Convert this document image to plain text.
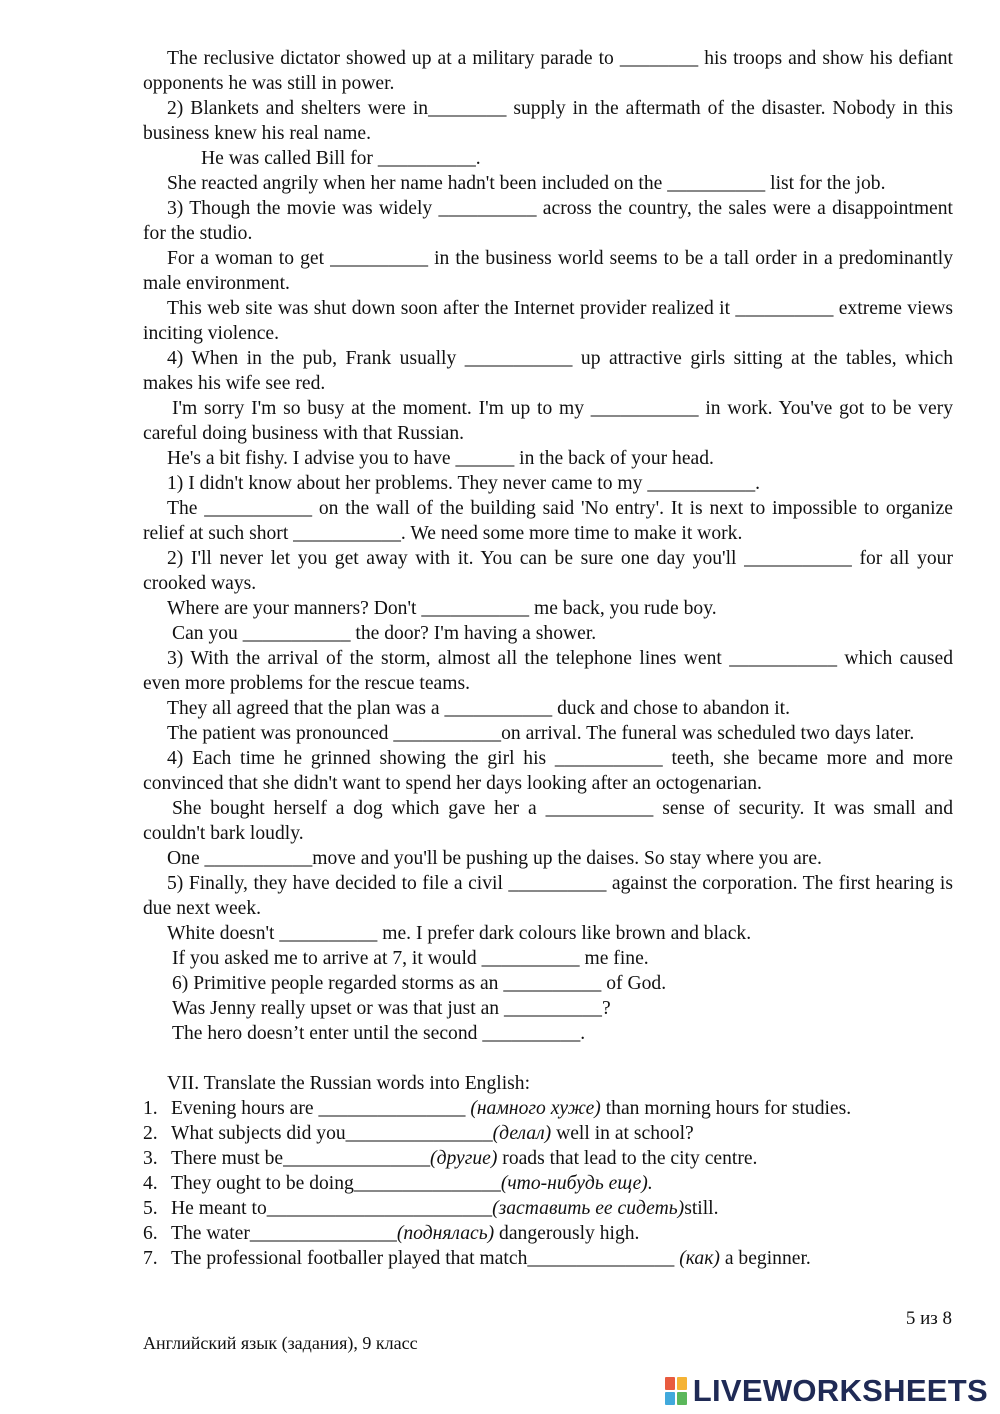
The reclusive dictator showed up at a military parade to ________ his troops and show his defiant opponents he was still in power.

2) Blankets and shelters were in________ supply in the aftermath of the disaster. Nobody in this business knew his real name.

He was called Bill for __________.

She reacted angrily when her name hadn't been included on the __________ list for the job.

3) Though the movie was widely __________ across the country, the sales were a disappointment for the studio.

For a woman to get __________ in the business world seems to be a tall order in a predominantly male environment.

This web site was shut down soon after the Internet provider realized it __________ extreme views inciting violence.

4) When in the pub, Frank usually ___________ up attractive girls sitting at the tables, which makes his wife see red.

I'm sorry I'm so busy at the moment. I'm up to my ___________ in work. You've got to be very careful doing business with that Russian.

He's a bit fishy. I advise you to have ______ in the back of your head.

1) I didn't know about her problems. They never came to my ___________.

The ___________ on the wall of the building said 'No entry'. It is next to impossible to organize relief at such short ___________. We need some more time to make it work.

2) I'll never let you get away with it. You can be sure one day you'll ___________ for all your crooked ways.

Where are your manners? Don't ___________ me back, you rude boy.

Can you ___________ the door? I'm having a shower.

3) With the arrival of the storm, almost all the telephone lines went ___________ which caused even more problems for the rescue teams.

They all agreed that the plan was a ___________ duck and chose to abandon it.

The patient was pronounced ___________on arrival. The funeral was scheduled two days later.

4) Each time he grinned showing the girl his ___________ teeth, she became more and more convinced that she didn't want to spend her days looking after an octogenarian.

She bought herself a dog which gave her a ___________ sense of security. It was small and couldn't bark loudly.

One ___________move and you'll be pushing up the daises. So stay where you are.

5) Finally, they have decided to file a civil __________ against the corporation. The first hearing is due next week.

White doesn't __________ me. I prefer dark colours like brown and black.

If you asked me to arrive at 7, it would __________ me fine.

6) Primitive people regarded storms as an __________ of God.

Was Jenny really upset or was that just an __________?

The hero doesn’t enter until the second __________.

VII. Translate the Russian words into English:

1. Evening hours are _______________ (намного хуже) than morning hours for studies.
2. What subjects did you_______________(делал) well in at school?
3. There must be_______________(другие) roads that lead to the city centre.
4. They ought to be doing_______________(что-нибудь еще).
5. He meant to_______________________(заставить ее сидеть)still.
6. The water_______________(поднялась) dangerously high.
7. The professional footballer played that match_______________ (как) a beginner.
5 из 8
Английский язык (задания), 9 класс
LIVEWORKSHEETS
